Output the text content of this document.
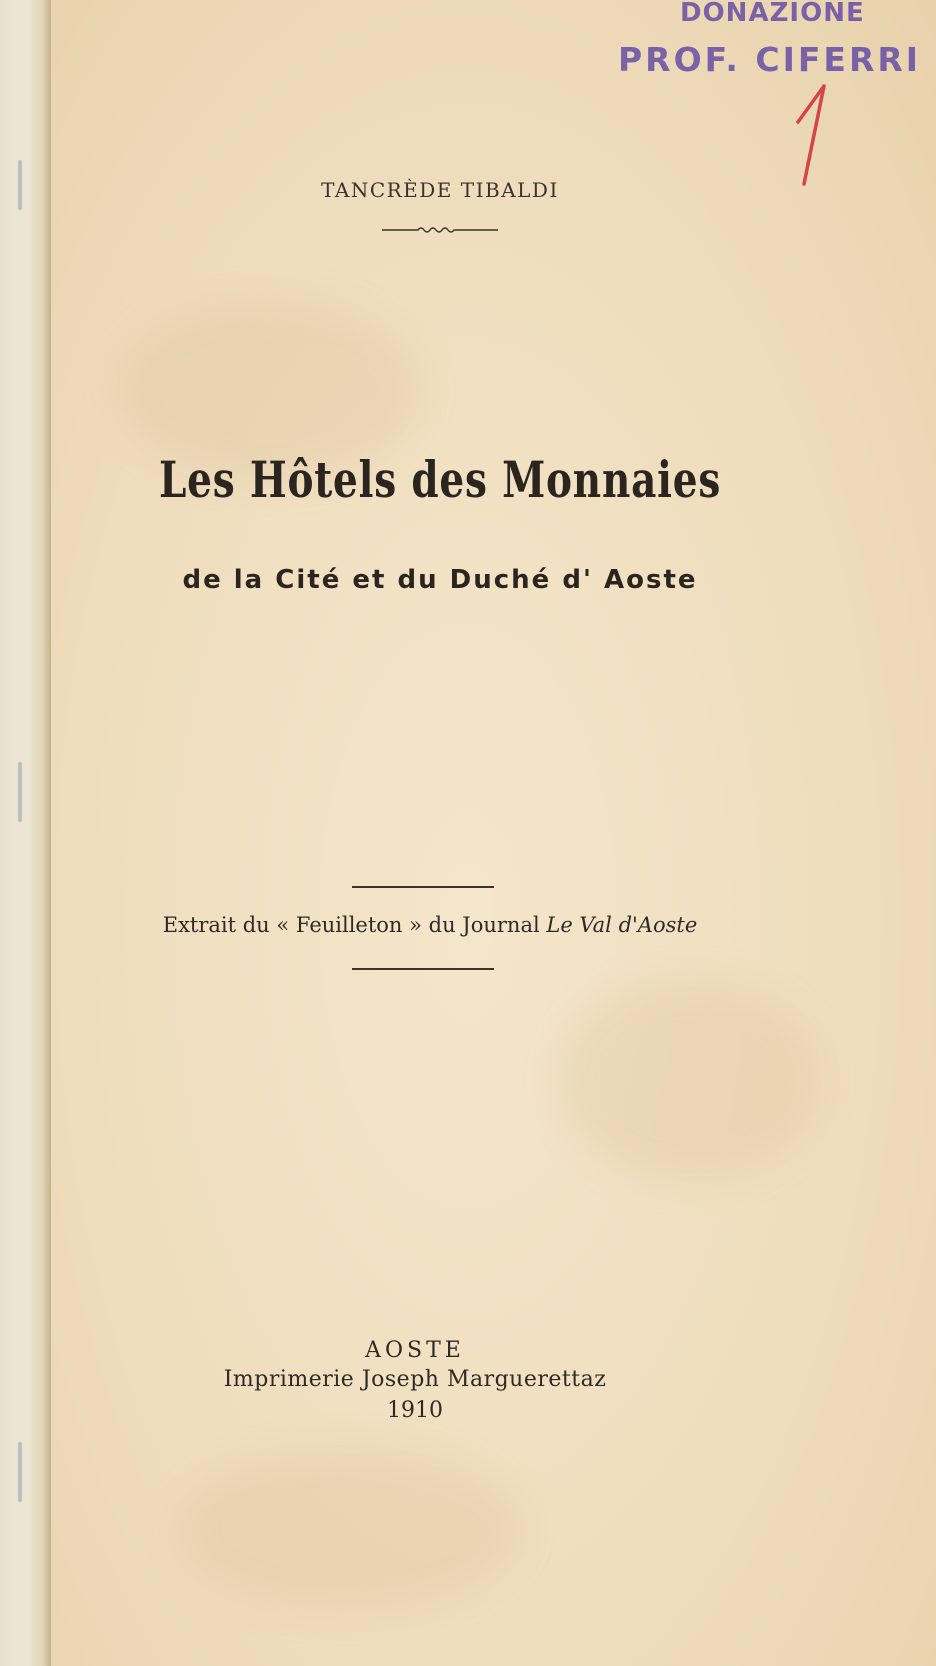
DONAZIONE
PROF. CIFERRI
TANCRÈDE TIBALDI
Les Hôtels des Monnaies
de la Cité et du Duché d' Aoste
Extrait du « Feuilleton » du Journal Le Val d'Aoste
AOSTE
Imprimerie Joseph Marguerettaz
1910
